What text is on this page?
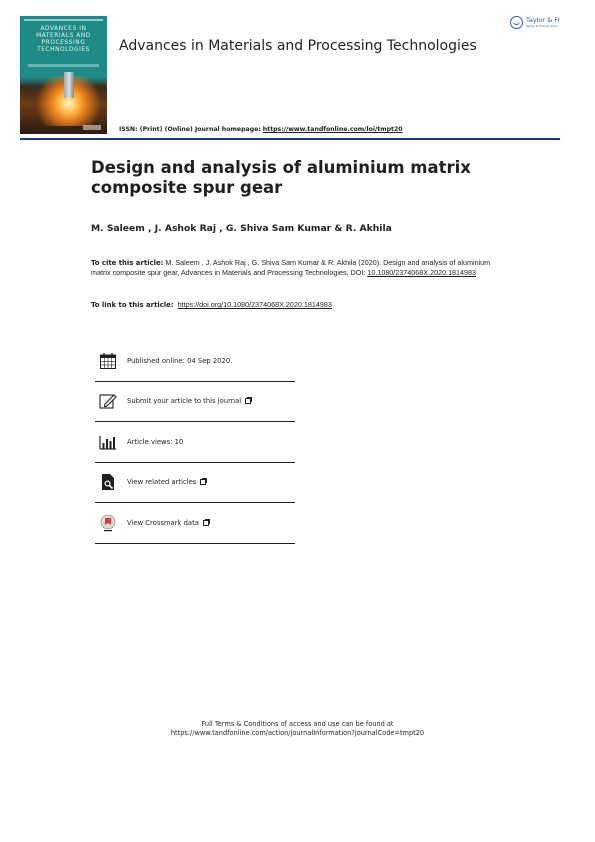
ADVANCES IN
MATERIALS AND
PROCESSING
TECHNOLOGIES	Advances in Materials and Processing Technologies
ISSN: (Print) (Online) Journal homepage: https://www.tandfonline.com/loi/tmpt20
Taylor & Fr
Taylor & Francis Grou
Design and analysis of aluminium matrix composite spur gear
M. Saleem , J. Ashok Raj , G. Shiva Sam Kumar & R. Akhila
To cite this article: M. Saleem , J. Ashok Raj , G. Shiva Sam Kumar & R. Akhila (2020): Design and analysis of aluminium matrix composite spur gear, Advances in Materials and Processing Technologies, DOI: 10.1080/2374068X.2020.1814983
To link to this article: https://doi.org/10.1080/2374068X.2020.1814983
Published online: 04 Sep 2020.
Submit your article to this journal
Article views: 10
View related articles
View Crossmark data
Full Terms & Conditions of access and use can be found at
https://www.tandfonline.com/action/journalInformation?journalCode=tmpt20
